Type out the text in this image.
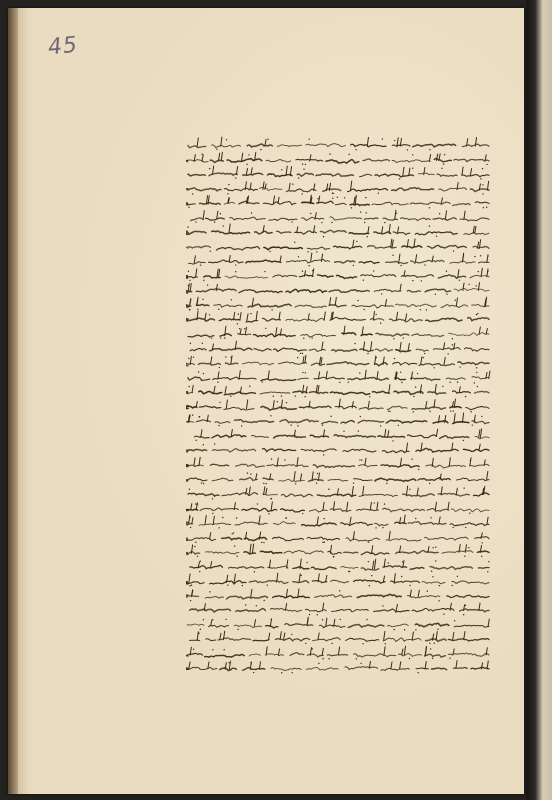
45
